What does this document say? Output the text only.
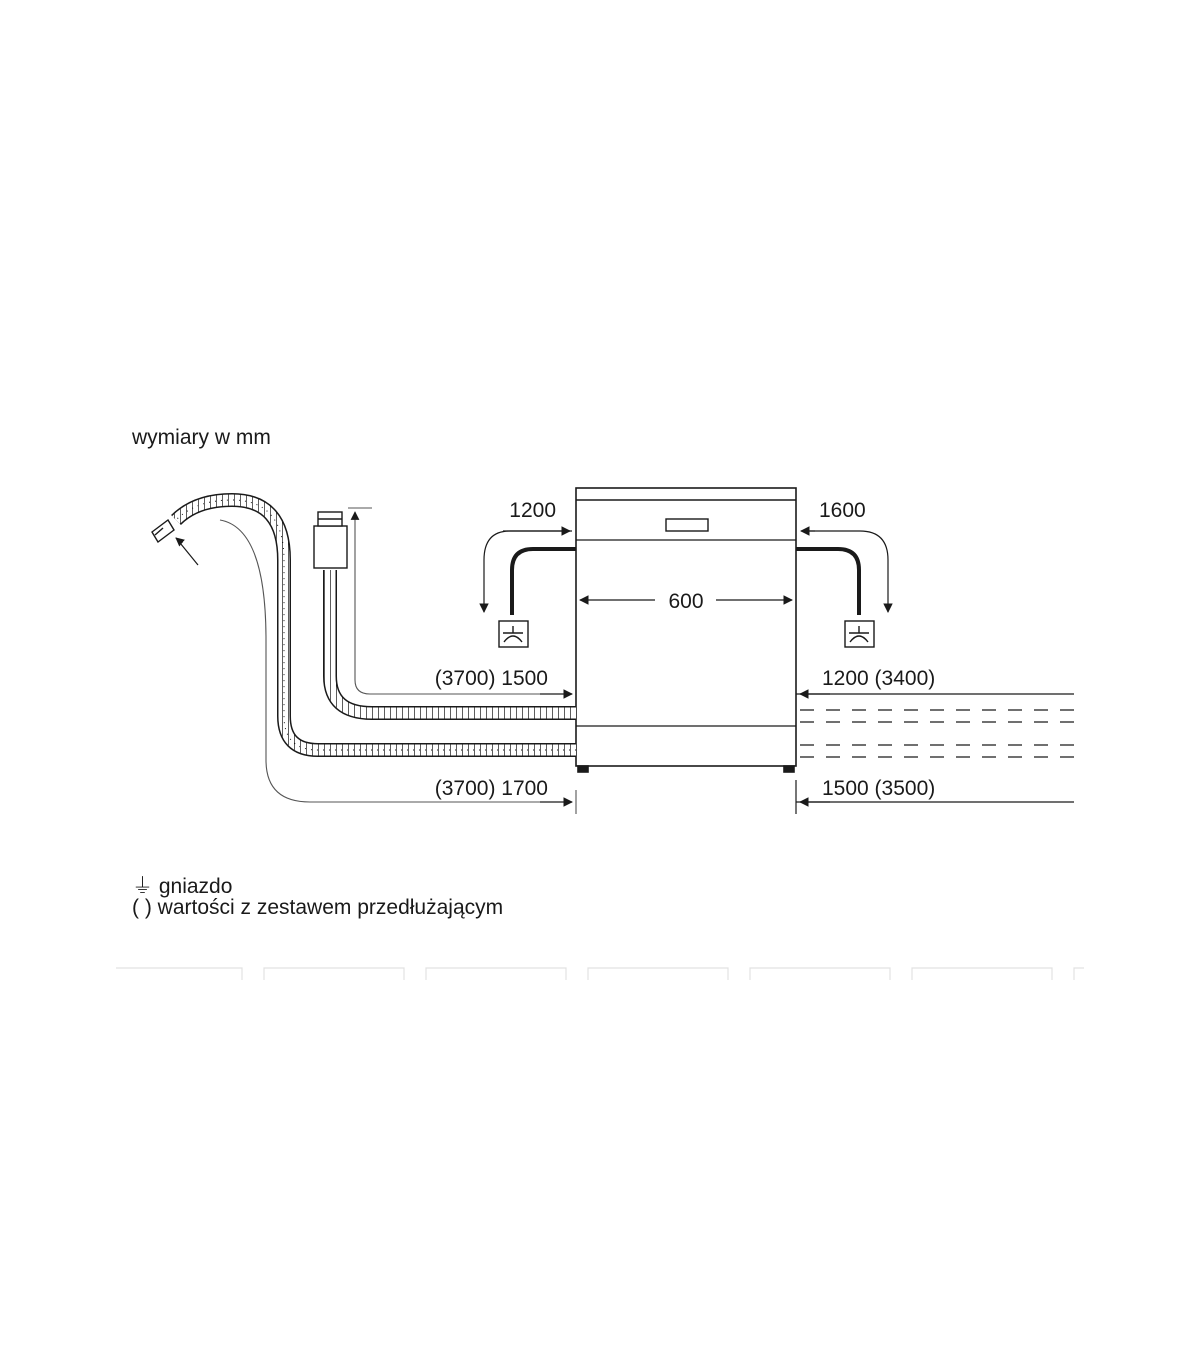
wymiary w mm
600
1200	1600
(3700) 1500
(3700) 1700
1200 (3400)
1500 (3500)
⏚ gniazdo
( ) wartości z zestawem przedłużającym
